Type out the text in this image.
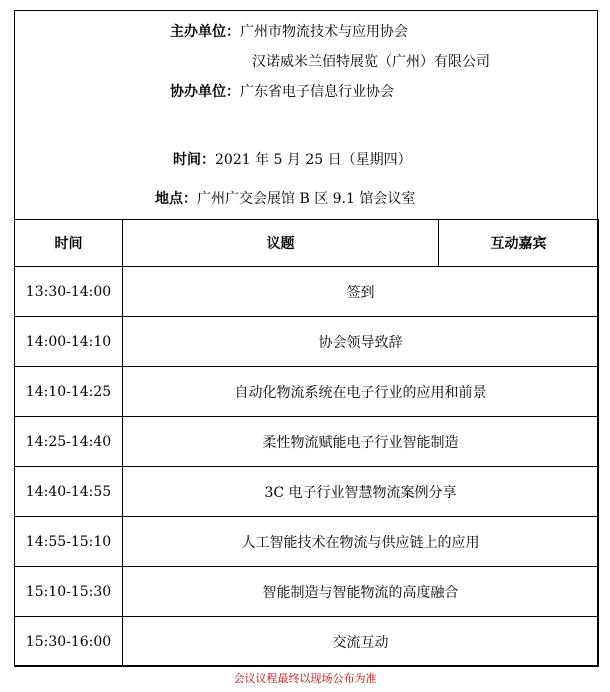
主办单位：广州市物流技术与应用协会
汉诺威米兰佰特展览（广州）有限公司
协办单位：广东省电子信息行业协会
时间：2021 年 5 月 25 日（星期四）
地点：广州广交会展馆 B 区 9.1 馆会议室
时间	议题	互动嘉宾
13:30-14:00	签到	
14:00-14:10	协会领导致辞	
14:10-14:25	自动化物流系统在电子行业的应用和前景	
14:25-14:40	柔性物流赋能电子行业智能制造	
14:40-14:55	3C 电子行业智慧物流案例分享	
14:55-15:10	人工智能技术在物流与供应链上的应用	
15:10-15:30	智能制造与智能物流的高度融合	
15:30-16:00	交流互动	
会议议程最终以现场公布为准
